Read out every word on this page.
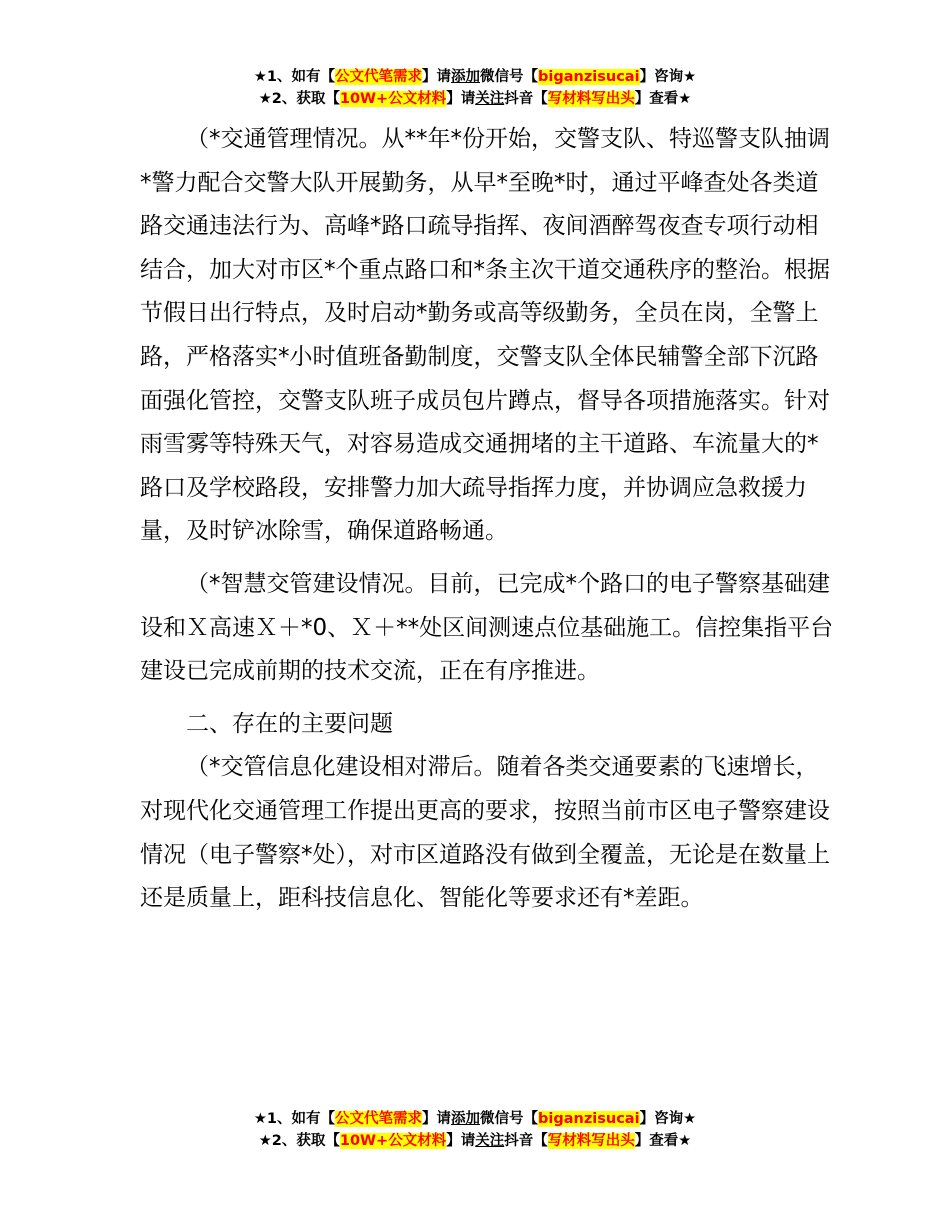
★1、如有【公文代笔需求】请添加微信号【biganzisucai】咨询★
★2、获取【10W+公文材料】请关注抖音【写材料写出头】查看★

（*交通管理情况。从**年*份开始，交警支队、特巡警支队抽调*警力配合交警大队开展勤务，从早*至晚*时，通过平峰查处各类道路交通违法行为、高峰*路口疏导指挥、夜间酒醉驾夜查专项行动相结合，加大对市区*个重点路口和*条主次干道交通秩序的整治。根据节假日出行特点，及时启动*勤务或高等级勤务，全员在岗，全警上路，严格落实*小时值班备勤制度，交警支队全体民辅警全部下沉路面强化管控，交警支队班子成员包片蹲点，督导各项措施落实。针对雨雪雾等特殊天气，对容易造成交通拥堵的主干道路、车流量大的*路口及学校路段，安排警力加大疏导指挥力度，并协调应急救援力量，及时铲冰除雪，确保道路畅通。

（*智慧交管建设情况。目前，已完成*个路口的电子警察基础建设和Ｘ高速Ｘ＋*0、Ｘ＋**处区间测速点位基础施工。信控集指平台建设已完成前期的技术交流，正在有序推进。

二、存在的主要问题

（*交管信息化建设相对滞后。随着各类交通要素的飞速增长，对现代化交通管理工作提出更高的要求，按照当前市区电子警察建设情况（电子警察*处），对市区道路没有做到全覆盖，无论是在数量上还是质量上，距科技信息化、智能化等要求还有*差距。

★1、如有【公文代笔需求】请添加微信号【biganzisucai】咨询★
★2、获取【10W+公文材料】请关注抖音【写材料写出头】查看★
